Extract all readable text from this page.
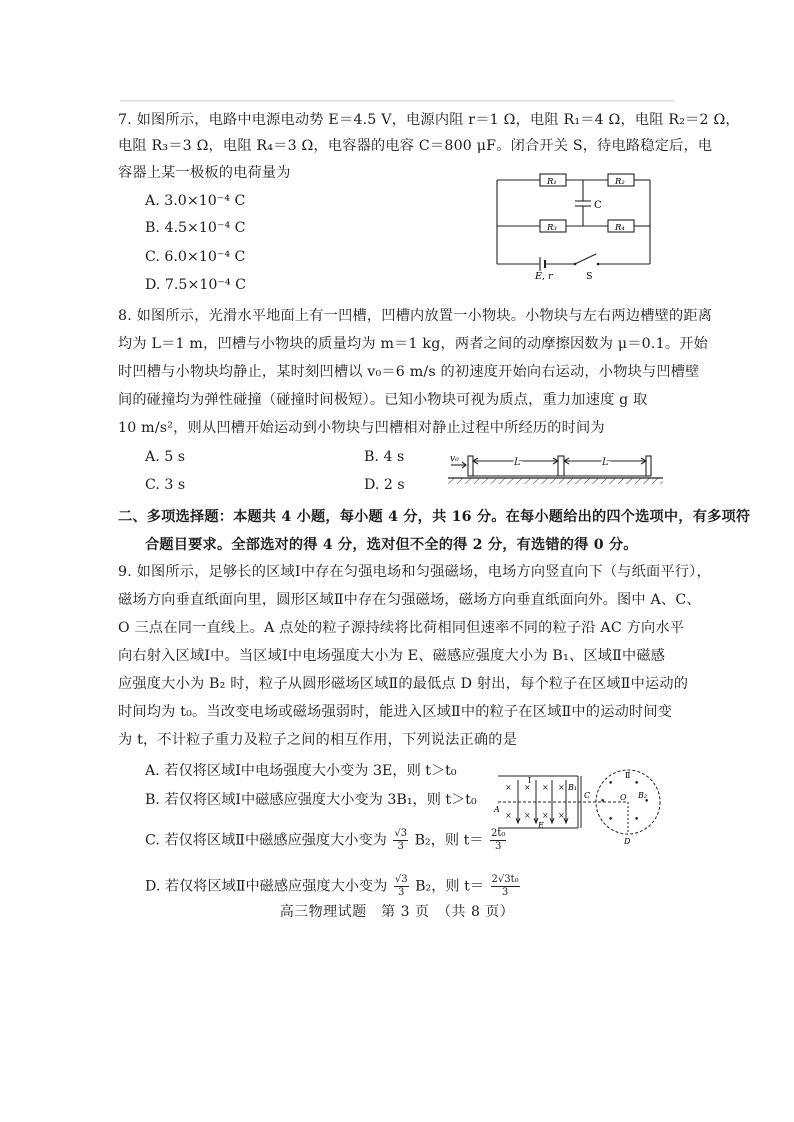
7. 如图所示，电路中电源电动势 E＝4.5 V，电源内阻 r＝1 Ω，电阻 R₁＝4 Ω，电阻 R₂＝2 Ω，
电阻 R₃＝3 Ω，电阻 R₄＝3 Ω，电容器的电容 C＝800 μF。闭合开关 S，待电路稳定后，电
容器上某一极板的电荷量为
A. 3.0×10⁻⁴ C
B. 4.5×10⁻⁴ C
C. 6.0×10⁻⁴ C
D. 7.5×10⁻⁴ C
R₁	R₂
R₃	R₄
C
E, r	S
8. 如图所示，光滑水平地面上有一凹槽，凹槽内放置一小物块。小物块与左右两边槽壁的距离
均为 L＝1 m，凹槽与小物块的质量均为 m＝1 kg，两者之间的动摩擦因数为 μ＝0.1。开始
时凹槽与小物块均静止，某时刻凹槽以 v₀＝6 m/s 的初速度开始向右运动，小物块与凹槽壁
间的碰撞均为弹性碰撞（碰撞时间极短）。已知小物块可视为质点，重力加速度 g 取
10 m/s²，则从凹槽开始运动到小物块与凹槽相对静止过程中所经历的时间为
A. 5 s	B. 4 s
C. 3 s	D. 2 s
v₀	L	L
二、多项选择题：本题共 4 小题，每小题 4 分，共 16 分。在每小题给出的四个选项中，有多项符
合题目要求。全部选对的得 4 分，选对但不全的得 2 分，有选错的得 0 分。
9. 如图所示，足够长的区域Ⅰ中存在匀强电场和匀强磁场，电场方向竖直向下（与纸面平行），
磁场方向垂直纸面向里，圆形区域Ⅱ中存在匀强磁场，磁场方向垂直纸面向外。图中 A、C、
O 三点在同一直线上。A 点处的粒子源持续将比荷相同但速率不同的粒子沿 AC 方向水平
向右射入区域Ⅰ中。当区域Ⅰ中电场强度大小为 E、磁感应强度大小为 B₁、区域Ⅱ中磁感
应强度大小为 B₂ 时，粒子从圆形磁场区域Ⅱ的最低点 D 射出，每个粒子在区域Ⅱ中运动的
时间均为 t₀。当改变电场或磁场强弱时，能进入区域Ⅱ中的粒子在区域Ⅱ中的运动时间变
为 t，不计粒子重力及粒子之间的相互作用，下列说法正确的是
A. 若仅将区域Ⅰ中电场强度大小变为 3E，则 t＞t₀
B. 若仅将区域Ⅰ中磁感应强度大小变为 3B₁，则 t＞t₀
C. 若仅将区域Ⅱ中磁感应强度大小变为 $\frac{√3}{3} B_2$，则 $t= \frac{\text{2t₀}}{3}$
D. 若仅将区域Ⅱ中磁感应强度大小变为 $\frac{√3}{3} B_2$，则 $t= \frac{\text{2√3t₀}}{3}$
× × × ×
× × × ×
• •
•	•
• •
Ⅰ
Ⅱ
B₁
B₂
A
C	O
E
D
高三物理试题　第 3 页　（共 8 页）
